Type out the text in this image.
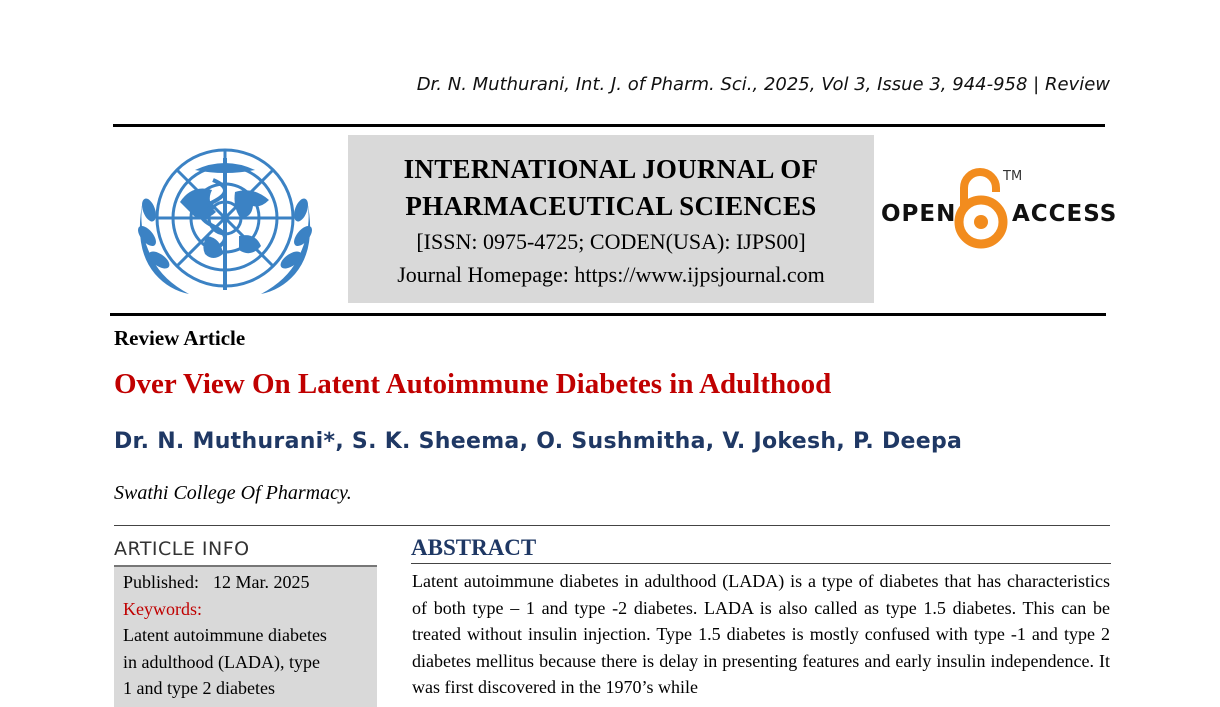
Dr. N. Muthurani, Int. J. of Pharm. Sci., 2025, Vol 3, Issue 3, 944-958 | Review
INTERNATIONAL JOURNAL OF
PHARMACEUTICAL SCIENCES
[ISSN: 0975-4725; CODEN(USA): IJPS00]
Journal Homepage: https://www.ijpsjournal.com
OPEN
TM
ACCESS
Review Article
Over View On Latent Autoimmune Diabetes in Adulthood
Dr. N. Muthurani*, S. K. Sheema, O. Sushmitha, V. Jokesh, P. Deepa
Swathi College Of Pharmacy.
ARTICLE INFO
Published: 12 Mar. 2025
Keywords:
Latent autoimmune diabetes
in adulthood (LADA), type
1 and type 2 diabetes
ABSTRACT
Latent autoimmune diabetes in adulthood (LADA) is a type of diabetes that has characteristics of both type – 1 and type -2 diabetes. LADA is also called as type 1.5 diabetes. This can be treated without insulin injection. Type 1.5 diabetes is mostly confused with type -1 and type 2 diabetes mellitus because there is delay in presenting features and early insulin independence. It was first discovered in the 1970’s while
